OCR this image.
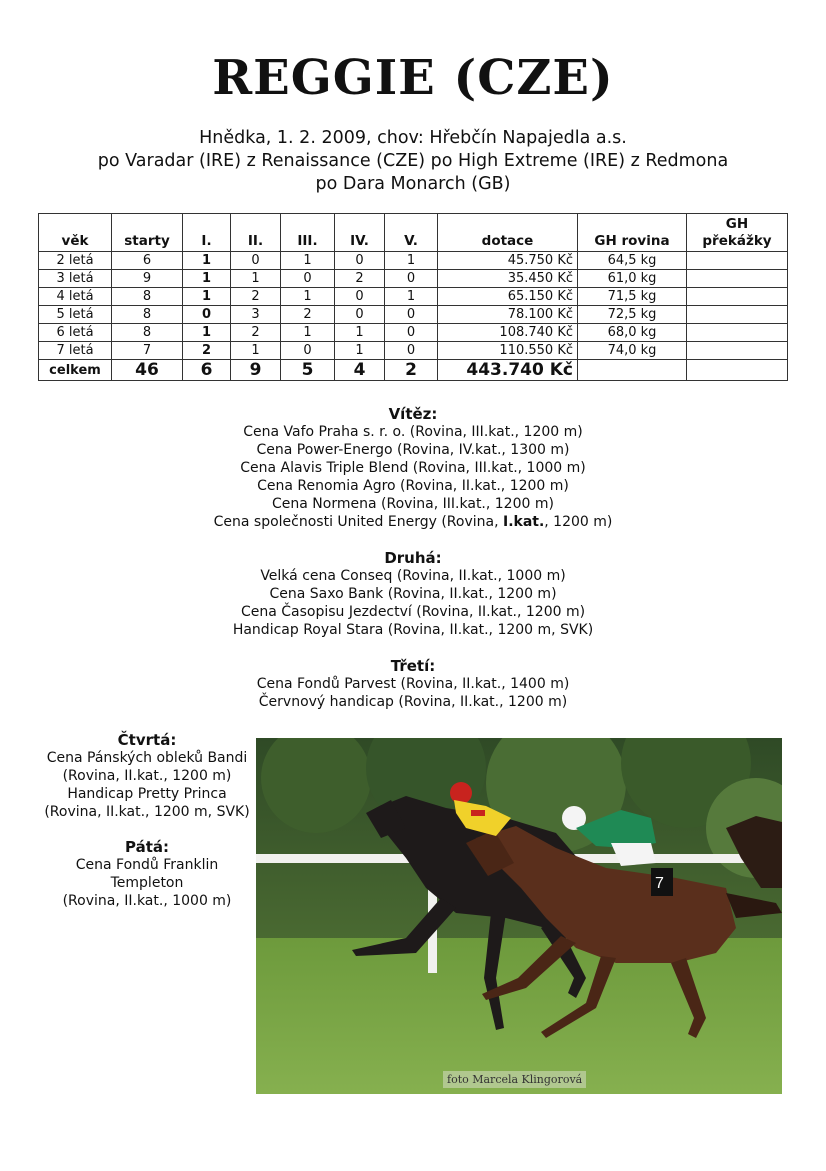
REGGIE (CZE)
Hnědka, 1. 2. 2009, chov: Hřebčín Napajedla a.s.
po Varadar (IRE) z Renaissance (CZE) po High Extreme (IRE) z Redmona
po Dara Monarch (GB)
věk	starty	I.	II.	III.	IV.	V.	dotace	GH rovina	GH překážky
2 letá	6	1	0	1	0	1	45.750 Kč	64,5 kg	
3 letá	9	1	1	0	2	0	35.450 Kč	61,0 kg	
4 letá	8	1	2	1	0	1	65.150 Kč	71,5 kg	
5 letá	8	0	3	2	0	0	78.100 Kč	72,5 kg	
6 letá	8	1	2	1	1	0	108.740 Kč	68,0 kg	
7 letá	7	2	1	0	1	0	110.550 Kč	74,0 kg	
celkem	46	6	9	5	4	2	443.740 Kč		
Vítěz:
Cena Vafo Praha s. r. o. (Rovina, III.kat., 1200 m)
Cena Power-Energo (Rovina, IV.kat., 1300 m)
Cena Alavis Triple Blend (Rovina, III.kat., 1000 m)
Cena Renomia Agro (Rovina, II.kat., 1200 m)
Cena Normena (Rovina, III.kat., 1200 m)
Cena společnosti United Energy (Rovina, I.kat., 1200 m)
Druhá:
Velká cena Conseq (Rovina, II.kat., 1000 m)
Cena Saxo Bank (Rovina, II.kat., 1200 m)
Cena Časopisu Jezdectví (Rovina, II.kat., 1200 m)
Handicap Royal Stara (Rovina, II.kat., 1200 m, SVK)
Třetí:
Cena Fondů Parvest (Rovina, II.kat., 1400 m)
Červnový handicap (Rovina, II.kat., 1200 m)
Čtvrtá:
Cena Pánských obleků Bandi
(Rovina, II.kat., 1200 m)
Handicap Pretty Princa
(Rovina, II.kat., 1200 m, SVK)
Pátá:
Cena Fondů Franklin
Templeton
(Rovina, II.kat., 1000 m)
7
foto Marcela Klingorová
